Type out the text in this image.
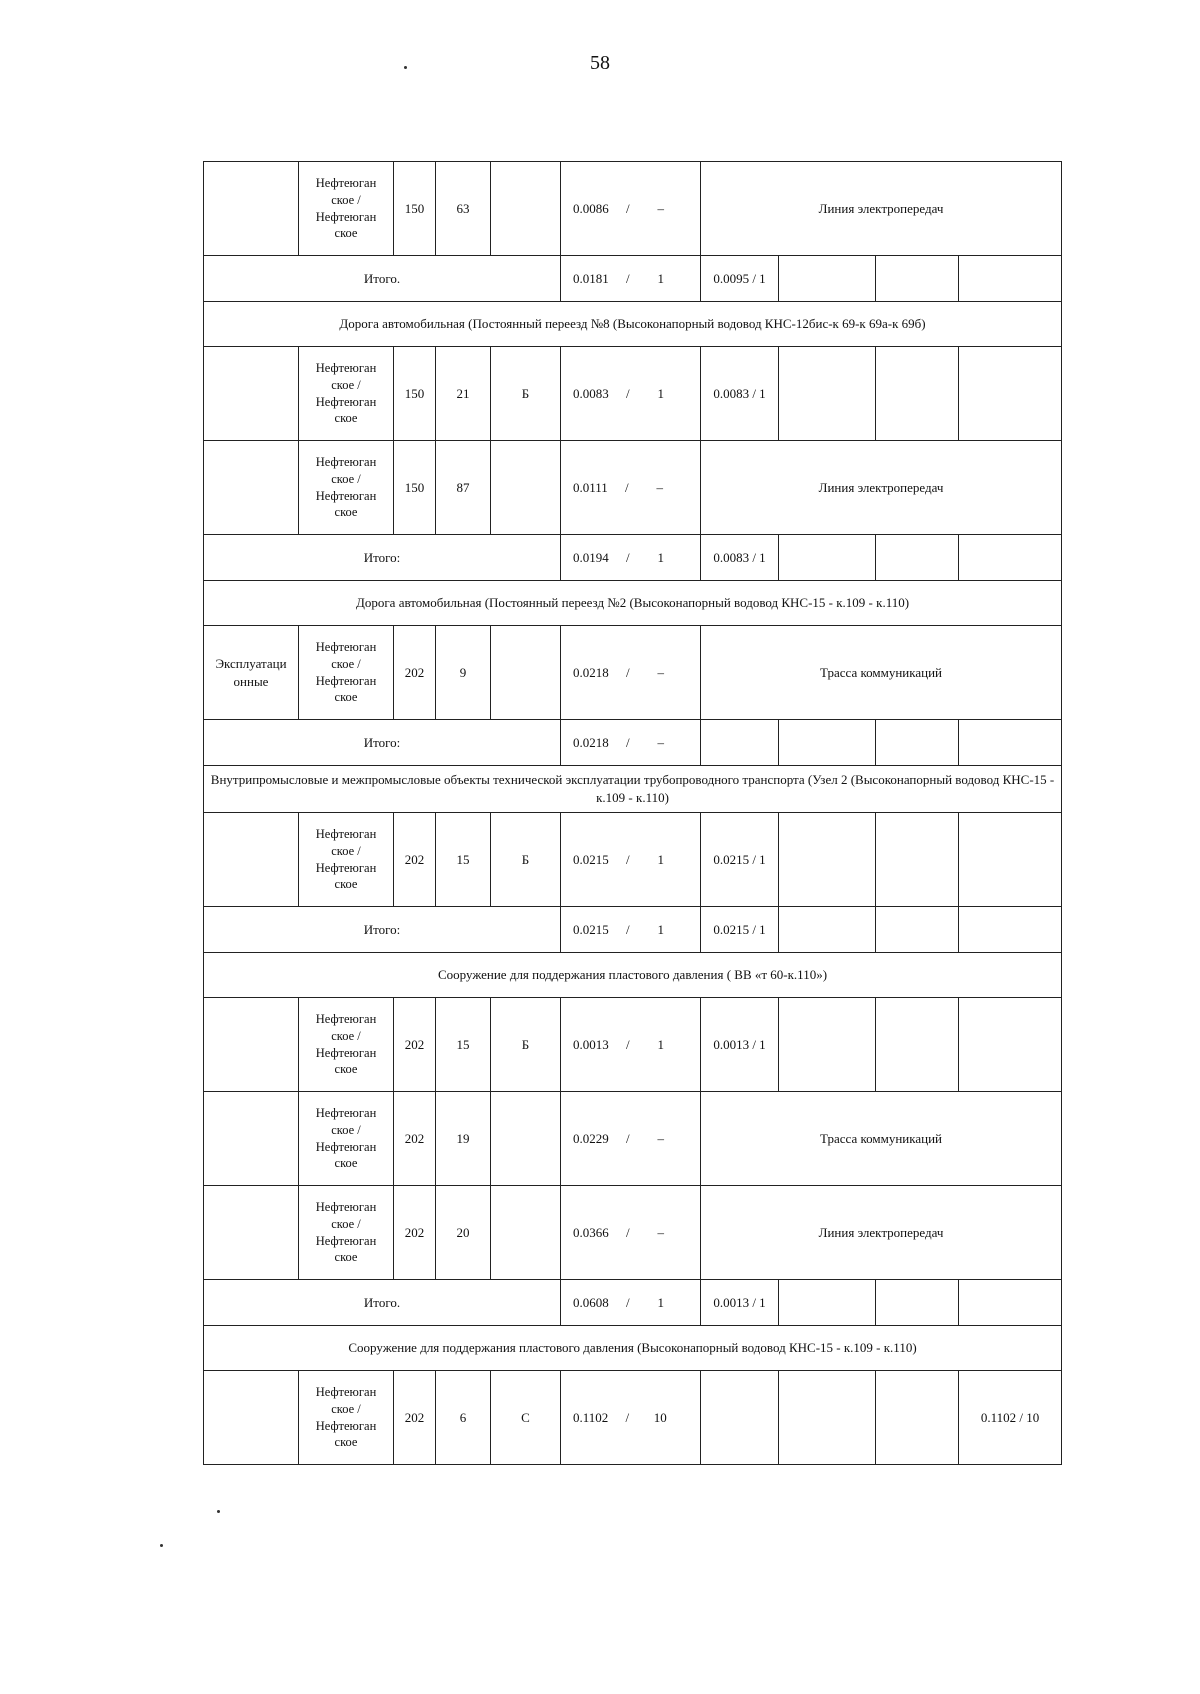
58

	Нефтеюган
ское /
Нефтеюган
ское	150	63		0.0086 / –	Линия электропередач			
Итого.					0.0181 / 1	0.0095 / 1			
Дорога автомобильная (Постоянный переезд №8 (Высоконапорный водовод КНС-12бис-к 69-к 69а-к 69б)									

	Нефтеюган
ское /
Нефтеюган
ское	150	21	Б	0.0083 / 1	0.0083 / 1			

	Нефтеюган
ское /
Нефтеюган
ское	150	87		0.0111 / –	Линия электропередач			
Итого:					0.0194 / 1	0.0083 / 1			
Дорога автомобильная (Постоянный переезд №2 (Высоконапорный водовод КНС-15 - к.109 - к.110)									
Эксплуатаци онные	Нефтеюган
ское /
Нефтеюган
ское	202	9		0.0218 / –	Трасса коммуникаций			
Итого:					0.0218 / –				
Внутрипромысловые и межпромысловые объекты технической эксплуатации трубопроводного транспорта (Узел 2 (Высоконапорный водовод КНС-15 - к.109 - к.110)									

	Нефтеюган
ское /
Нефтеюган
ское	202	15	Б	0.0215 / 1	0.0215 / 1			
Итого:					0.0215 / 1	0.0215 / 1			
Сооружение для поддержания пластового давления ( ВВ «т 60-к.110»)									

	Нефтеюган
ское /
Нефтеюган
ское	202	15	Б	0.0013 / 1	0.0013 / 1			

	Нефтеюган
ское /
Нефтеюган
ское	202	19		0.0229 / –	Трасса коммуникаций			

	Нефтеюган
ское /
Нефтеюган
ское	202	20		0.0366 / –	Линия электропередач			
Итого.					0.0608 / 1	0.0013 / 1			
Сооружение для поддержания пластового давления (Высоконапорный водовод КНС-15 - к.109 - к.110)									

	Нефтеюган
ское /
Нефтеюган
ское	202	6	С	0.1102 / 10				0.1102 / 10
